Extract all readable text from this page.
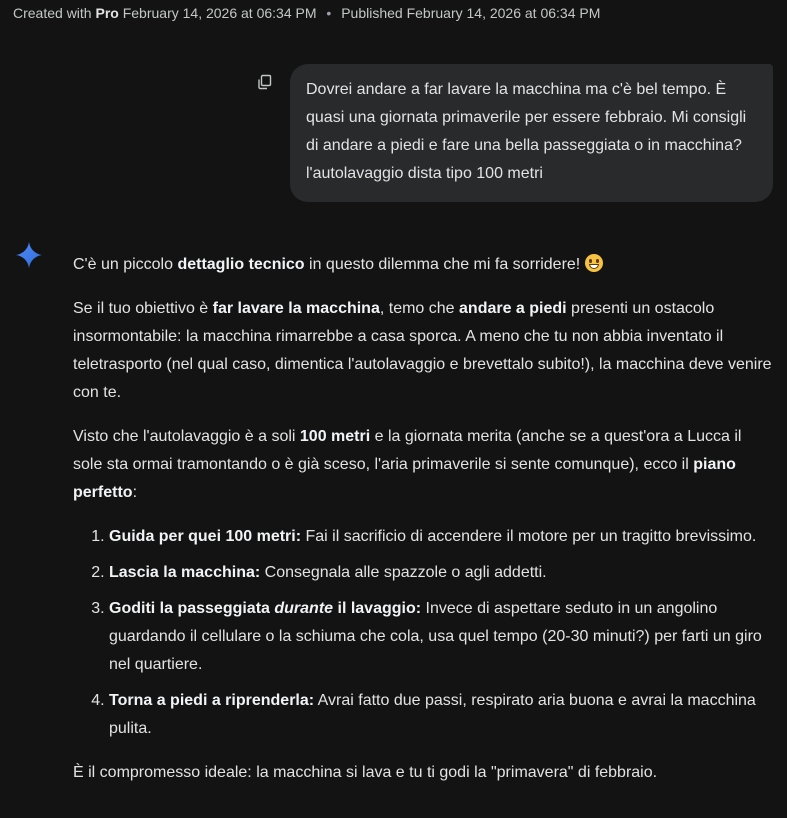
Created with Pro February 14, 2026 at 06:34 PM • Published February 14, 2026 at 06:34 PM
Dovrei andare a far lavare la macchina ma c'è bel tempo. È quasi una giornata primaverile per essere febbraio. Mi consigli di andare a piedi e fare una bella passeggiata o in macchina? l'autolavaggio dista tipo 100 metri

C'è un piccolo dettaglio tecnico in questo dilemma che mi fa sorridere!

Se il tuo obiettivo è far lavare la macchina, temo che andare a piedi presenti un ostacolo insormontabile: la macchina rimarrebbe a casa sporca. A meno che tu non abbia inventato il teletrasporto (nel qual caso, dimentica l'autolavaggio e brevettalo subito!), la macchina deve venire con te.

Visto che l'autolavaggio è a soli 100 metri e la giornata merita (anche se a quest'ora a Lucca il sole sta ormai tramontando o è già sceso, l'aria primaverile si sente comunque), ecco il piano perfetto:

1. Guida per quei 100 metri: Fai il sacrificio di accendere il motore per un tragitto brevissimo.
2. Lascia la macchina: Consegnala alle spazzole o agli addetti.
3. Goditi la passeggiata durante il lavaggio: Invece di aspettare seduto in un angolino guardando il cellulare o la schiuma che cola, usa quel tempo (20-30 minuti?) per farti un giro nel quartiere.
4. Torna a piedi a riprenderla: Avrai fatto due passi, respirato aria buona e avrai la macchina pulita.

È il compromesso ideale: la macchina si lava e tu ti godi la "primavera" di febbraio.
